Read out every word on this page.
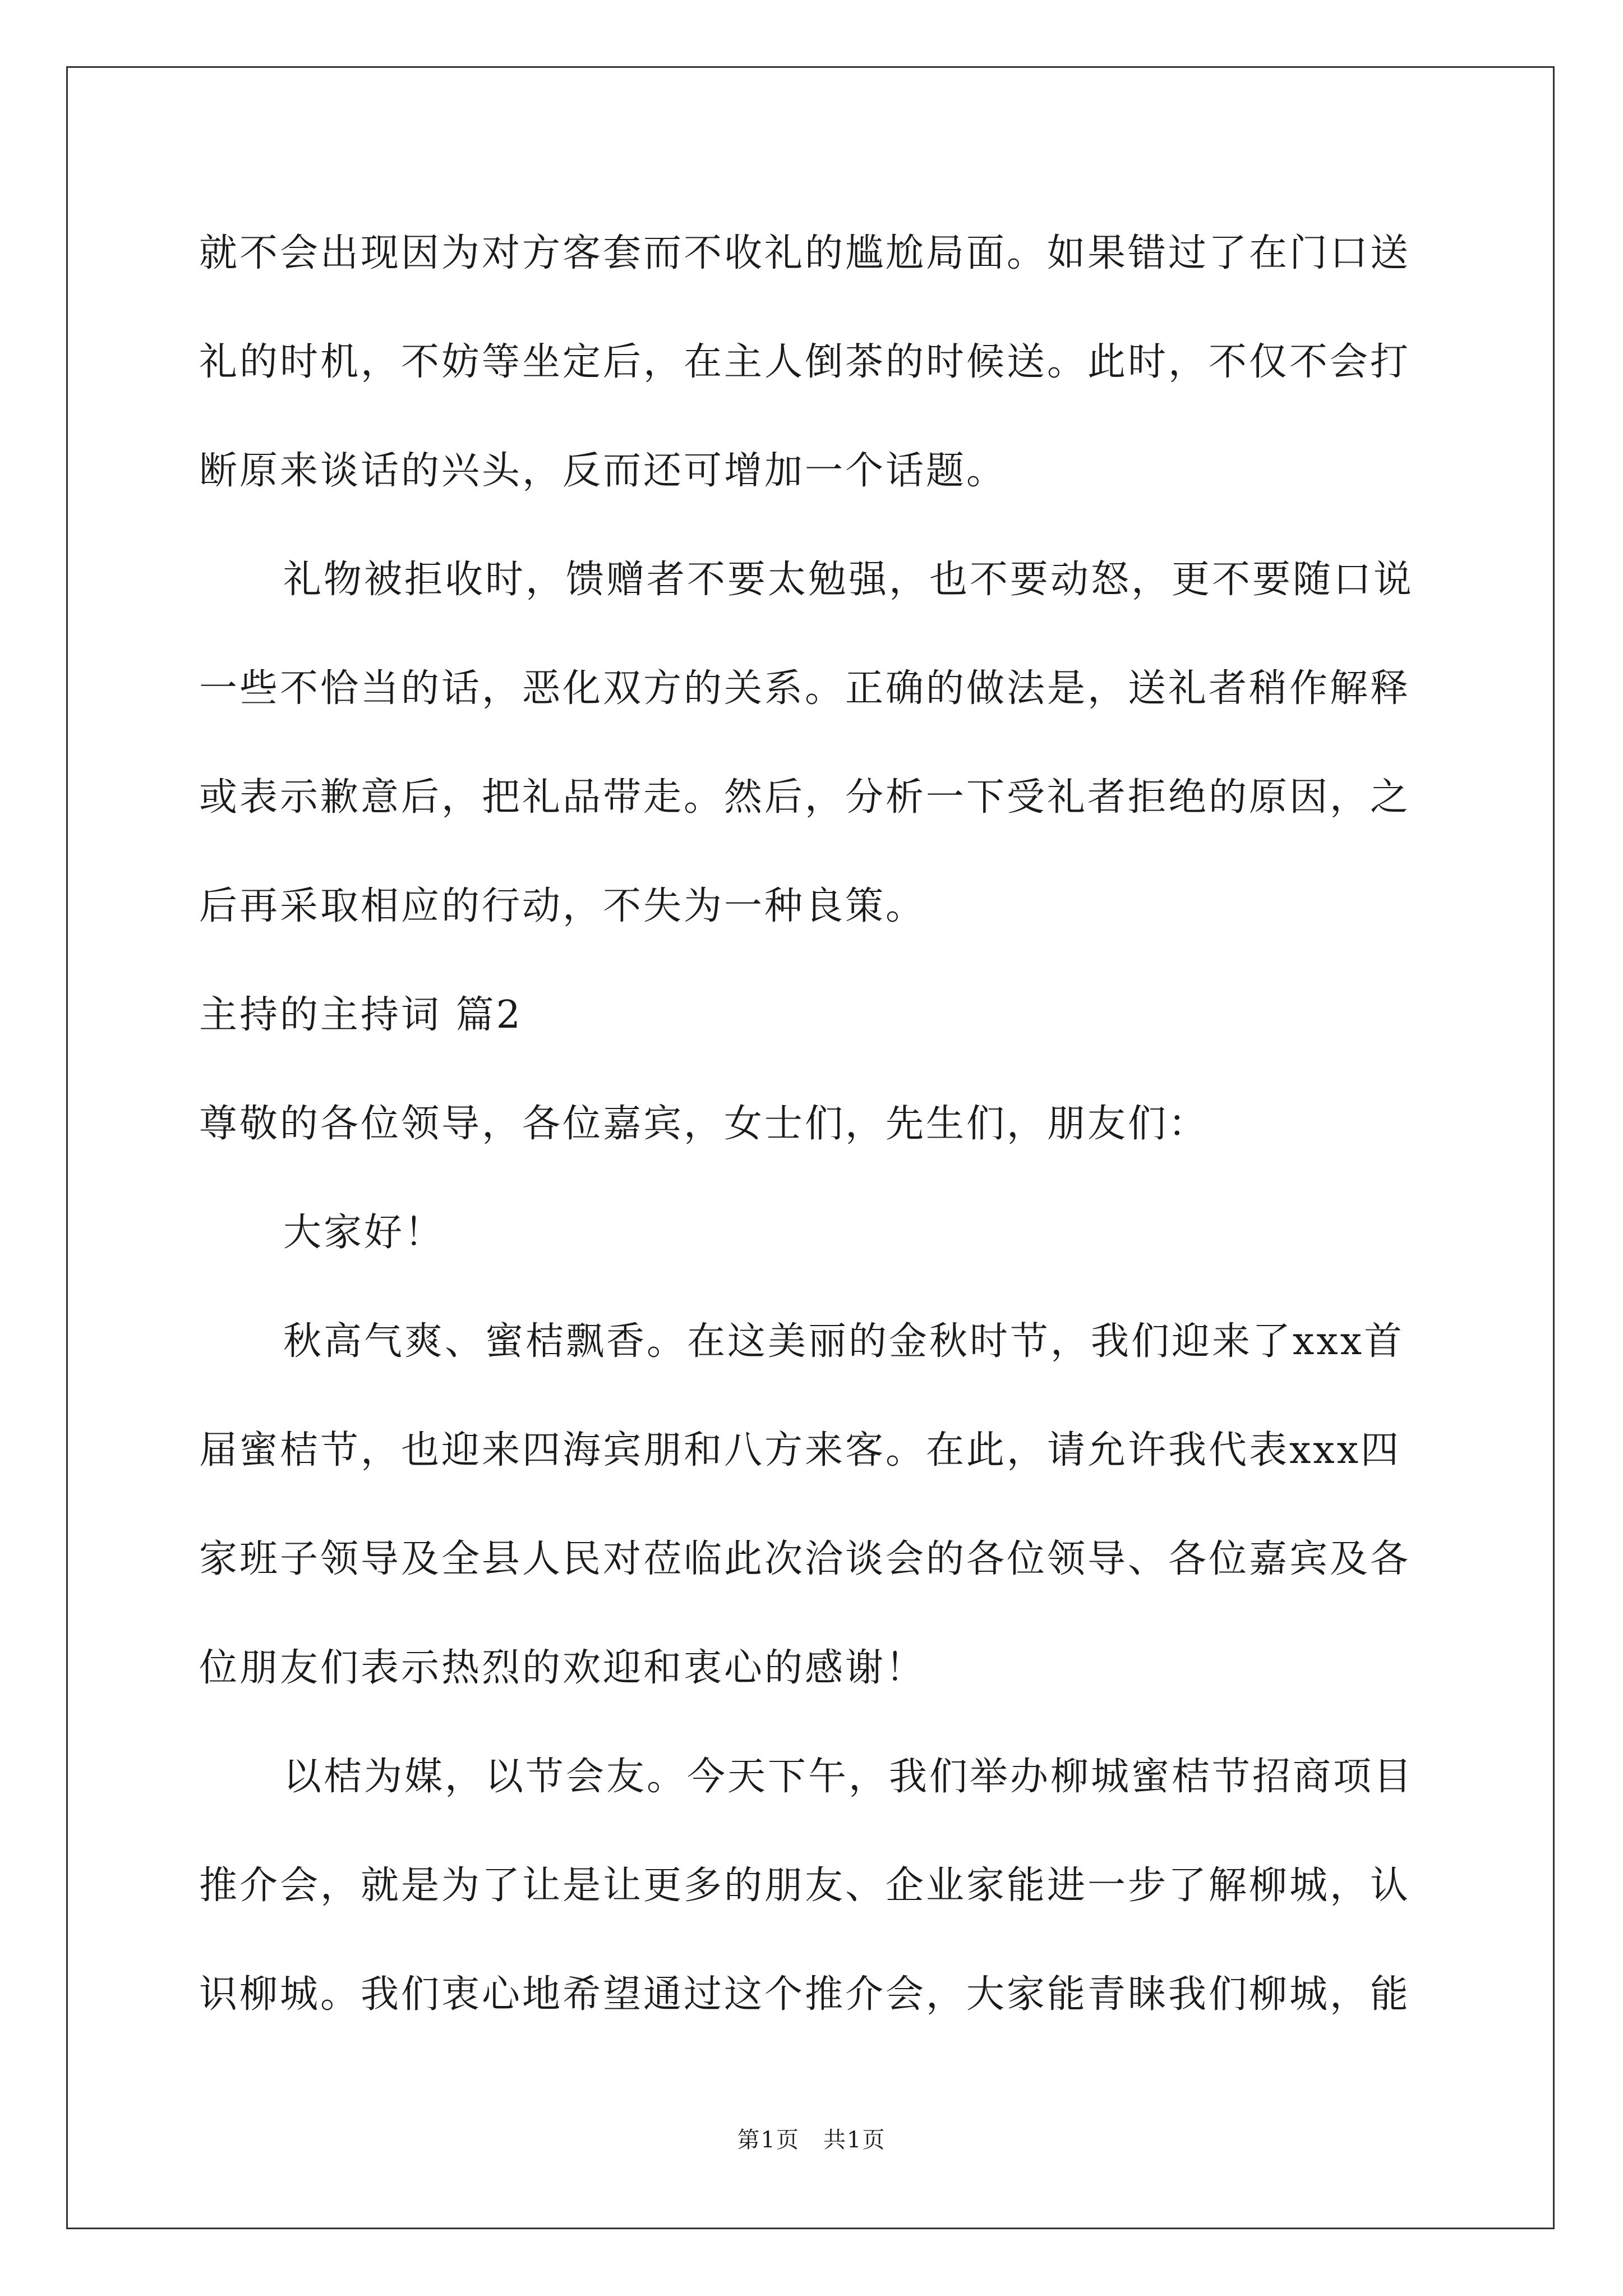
就不会出现因为对方客套而不收礼的尴尬局面。如果错过了在门口送
礼的时机，不妨等坐定后，在主人倒茶的时候送。此时，不仅不会打
断原来谈话的兴头，反而还可增加一个话题。
礼物被拒收时，馈赠者不要太勉强，也不要动怒，更不要随口说
一些不恰当的话，恶化双方的关系。正确的做法是，送礼者稍作解释
或表示歉意后，把礼品带走。然后，分析一下受礼者拒绝的原因，之
后再采取相应的行动，不失为一种良策。
主持的主持词 篇2
尊敬的各位领导，各位嘉宾，女士们，先生们，朋友们：
大家好！
秋高气爽、蜜桔飘香。在这美丽的金秋时节，我们迎来了xxx首
届蜜桔节，也迎来四海宾朋和八方来客。在此，请允许我代表xxx四
家班子领导及全县人民对莅临此次洽谈会的各位领导、各位嘉宾及各
位朋友们表示热烈的欢迎和衷心的感谢！
以桔为媒，以节会友。今天下午，我们举办柳城蜜桔节招商项目
推介会，就是为了让是让更多的朋友、企业家能进一步了解柳城，认
识柳城。我们衷心地希望通过这个推介会，大家能青睐我们柳城，能
第1页　共1页
